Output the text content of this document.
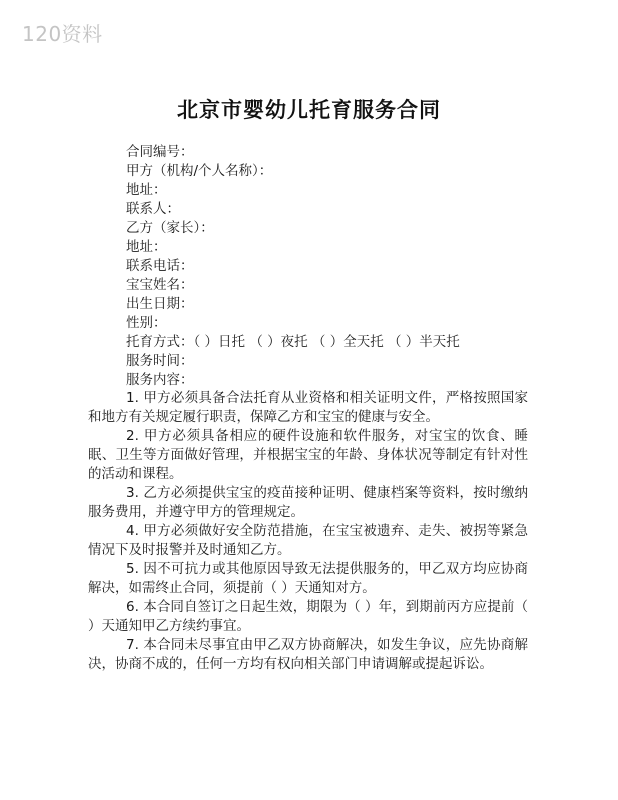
120资料
北京市婴幼儿托育服务合同
合同编号：
甲方（机构/个人名称）：
地址：
联系人：
乙方（家长）：
地址：
联系电话：
宝宝姓名：
出生日期：
性别：
托育方式：（ ）日托 （ ）夜托 （ ）全天托 （ ）半天托
服务时间：
服务内容：
1. 甲方必须具备合法托育从业资格和相关证明文件，严格按照国家和地方有关规定履行职责，保障乙方和宝宝的健康与安全。
2. 甲方必须具备相应的硬件设施和软件服务，对宝宝的饮食、睡眠、卫生等方面做好管理，并根据宝宝的年龄、身体状况等制定有针对性的活动和课程。
3. 乙方必须提供宝宝的疫苗接种证明、健康档案等资料，按时缴纳服务费用，并遵守甲方的管理规定。
4. 甲方必须做好安全防范措施，在宝宝被遗弃、走失、被拐等紧急情况下及时报警并及时通知乙方。
5. 因不可抗力或其他原因导致无法提供服务的，甲乙双方均应协商解决，如需终止合同，须提前（ ）天通知对方。
6. 本合同自签订之日起生效，期限为（ ）年，到期前丙方应提前（ ）天通知甲乙方续约事宜。
7. 本合同未尽事宜由甲乙双方协商解决，如发生争议，应先协商解决，协商不成的，任何一方均有权向相关部门申请调解或提起诉讼。
